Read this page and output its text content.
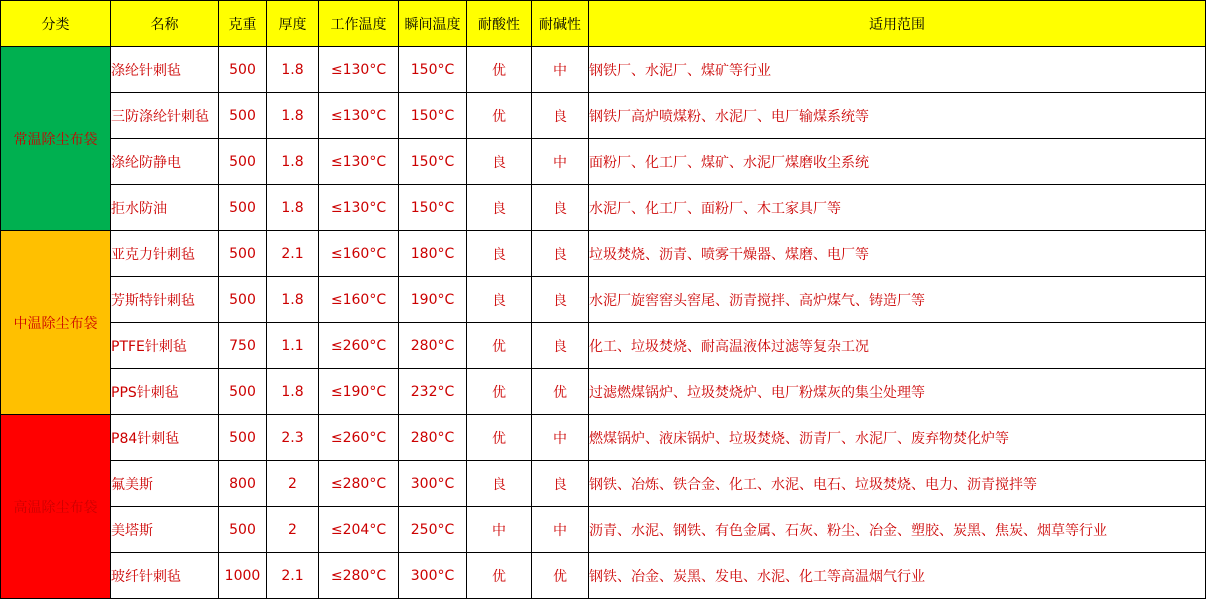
分类	名称	克重	厚度	工作温度	瞬间温度	耐酸性	耐碱性	适用范围
常温除尘布袋	涤纶针刺毡	500	1.8	≤130°C	150°C	优	中	钢铁厂、水泥厂、煤矿等行业
	三防涤纶针刺毡	500	1.8	≤130°C	150°C	优	良	钢铁厂高炉喷煤粉、水泥厂、电厂输煤系统等
	涤纶防静电	500	1.8	≤130°C	150°C	良	中	面粉厂、化工厂、煤矿、水泥厂煤磨收尘系统
	拒水防油	500	1.8	≤130°C	150°C	良	良	水泥厂、化工厂、面粉厂、木工家具厂等
中温除尘布袋	亚克力针刺毡	500	2.1	≤160°C	180°C	良	良	垃圾焚烧、沥青、喷雾干燥器、煤磨、电厂等
	芳斯特针刺毡	500	1.8	≤160°C	190°C	良	良	水泥厂旋窖窖头窖尾、沥青搅拌、高炉煤气、铸造厂等
	PTFE针刺毡	750	1.1	≤260°C	280°C	优	良	化工、垃圾焚烧、耐高温液体过滤等复杂工况
	PPS针刺毡	500	1.8	≤190°C	232°C	优	优	过滤燃煤锅炉、垃圾焚烧炉、电厂粉煤灰的集尘处理等
高温除尘布袋	P84针刺毡	500	2.3	≤260°C	280°C	优	中	燃煤锅炉、液床锅炉、垃圾焚烧、沥青厂、水泥厂、废弃物焚化炉等
	氟美斯	800	2	≤280°C	300°C	良	良	钢铁、冶炼、铁合金、化工、水泥、电石、垃圾焚烧、电力、沥青搅拌等
	美塔斯	500	2	≤204°C	250°C	中	中	沥青、水泥、钢铁、有色金属、石灰、粉尘、冶金、塑胶、炭黑、焦炭、烟草等行业
	玻纤针刺毡	1000	2.1	≤280°C	300°C	优	优	钢铁、冶金、炭黑、发电、水泥、化工等高温烟气行业
